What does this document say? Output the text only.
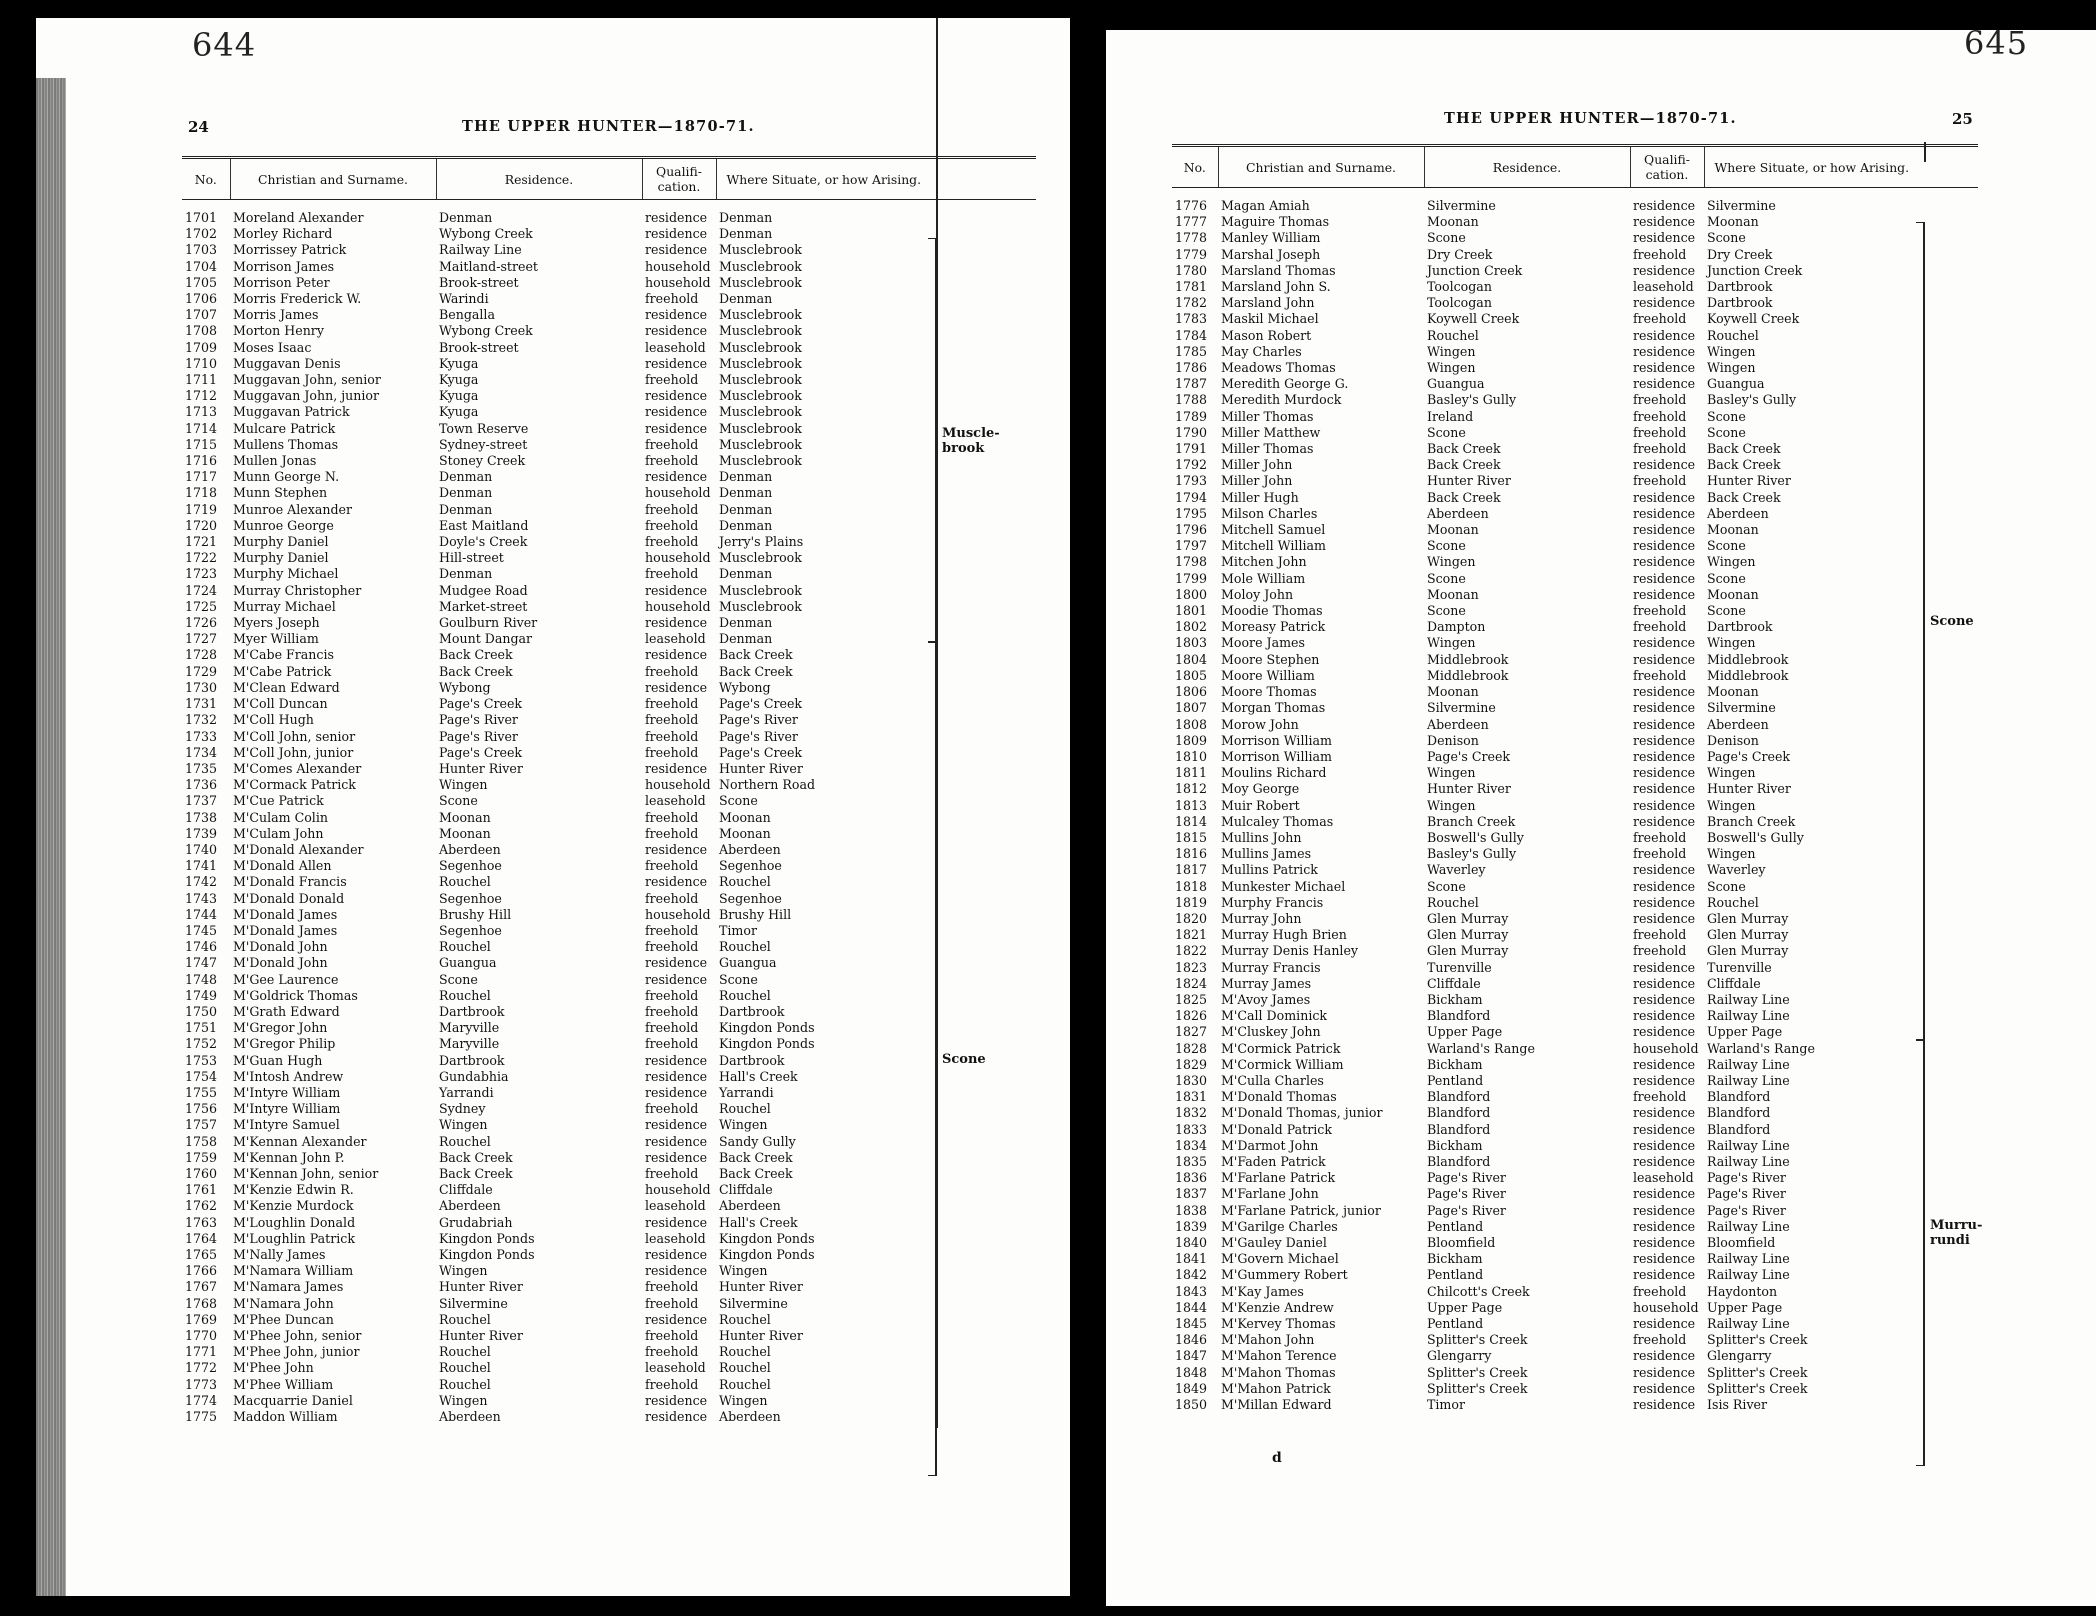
644
24	THE UPPER HUNTER—1870-71.
No.	Christian and Surname.	Residence.	Qualifi-cation.	Where Situate, or how Arising.
1701	Moreland Alexander	Denman	residence	Denman
1702	Morley Richard	Wybong Creek	residence	Denman
1703	Morrissey Patrick	Railway Line	residence	Musclebrook
1704	Morrison James	Maitland-street	household	Musclebrook
1705	Morrison Peter	Brook-street	household	Musclebrook
1706	Morris Frederick W.	Warindi	freehold	Denman
1707	Morris James	Bengalla	residence	Musclebrook
1708	Morton Henry	Wybong Creek	residence	Musclebrook
1709	Moses Isaac	Brook-street	leasehold	Musclebrook
1710	Muggavan Denis	Kyuga	residence	Musclebrook
1711	Muggavan John, senior	Kyuga	freehold	Musclebrook
1712	Muggavan John, junior	Kyuga	residence	Musclebrook
1713	Muggavan Patrick	Kyuga	residence	Musclebrook
1714	Mulcare Patrick	Town Reserve	residence	Musclebrook
1715	Mullens Thomas	Sydney-street	freehold	Musclebrook
1716	Mullen Jonas	Stoney Creek	freehold	Musclebrook
1717	Munn George N.	Denman	residence	Denman
1718	Munn Stephen	Denman	household	Denman
1719	Munroe Alexander	Denman	freehold	Denman
1720	Munroe George	East Maitland	freehold	Denman
1721	Murphy Daniel	Doyle's Creek	freehold	Jerry's Plains
1722	Murphy Daniel	Hill-street	household	Musclebrook
1723	Murphy Michael	Denman	freehold	Denman
1724	Murray Christopher	Mudgee Road	residence	Musclebrook
1725	Murray Michael	Market-street	household	Musclebrook
1726	Myers Joseph	Goulburn River	residence	Denman
1727	Myer William	Mount Dangar	leasehold	Denman
1728	M'Cabe Francis	Back Creek	residence	Back Creek
1729	M'Cabe Patrick	Back Creek	freehold	Back Creek
1730	M'Clean Edward	Wybong	residence	Wybong
1731	M'Coll Duncan	Page's Creek	freehold	Page's Creek
1732	M'Coll Hugh	Page's River	freehold	Page's River
1733	M'Coll John, senior	Page's River	freehold	Page's River
1734	M'Coll John, junior	Page's Creek	freehold	Page's Creek
1735	M'Comes Alexander	Hunter River	residence	Hunter River
1736	M'Cormack Patrick	Wingen	household	Northern Road
1737	M'Cue Patrick	Scone	leasehold	Scone
1738	M'Culam Colin	Moonan	freehold	Moonan
1739	M'Culam John	Moonan	freehold	Moonan
1740	M'Donald Alexander	Aberdeen	residence	Aberdeen
1741	M'Donald Allen	Segenhoe	freehold	Segenhoe
1742	M'Donald Francis	Rouchel	residence	Rouchel
1743	M'Donald Donald	Segenhoe	freehold	Segenhoe
1744	M'Donald James	Brushy Hill	household	Brushy Hill
1745	M'Donald James	Segenhoe	freehold	Timor
1746	M'Donald John	Rouchel	freehold	Rouchel
1747	M'Donald John	Guangua	residence	Guangua
1748	M'Gee Laurence	Scone	residence	Scone
1749	M'Goldrick Thomas	Rouchel	freehold	Rouchel
1750	M'Grath Edward	Dartbrook	freehold	Dartbrook
1751	M'Gregor John	Maryville	freehold	Kingdon Ponds
1752	M'Gregor Philip	Maryville	freehold	Kingdon Ponds
1753	M'Guan Hugh	Dartbrook	residence	Dartbrook
1754	M'Intosh Andrew	Gundabhia	residence	Hall's Creek
1755	M'Intyre William	Yarrandi	residence	Yarrandi
1756	M'Intyre William	Sydney	freehold	Rouchel
1757	M'Intyre Samuel	Wingen	residence	Wingen
1758	M'Kennan Alexander	Rouchel	residence	Sandy Gully
1759	M'Kennan John P.	Back Creek	residence	Back Creek
1760	M'Kennan John, senior	Back Creek	freehold	Back Creek
1761	M'Kenzie Edwin R.	Cliffdale	household	Cliffdale
1762	M'Kenzie Murdock	Aberdeen	leasehold	Aberdeen
1763	M'Loughlin Donald	Grudabriah	residence	Hall's Creek
1764	M'Loughlin Patrick	Kingdon Ponds	leasehold	Kingdon Ponds
1765	M'Nally James	Kingdon Ponds	residence	Kingdon Ponds
1766	M'Namara William	Wingen	residence	Wingen
1767	M'Namara James	Hunter River	freehold	Hunter River
1768	M'Namara John	Silvermine	freehold	Silvermine
1769	M'Phee Duncan	Rouchel	residence	Rouchel
1770	M'Phee John, senior	Hunter River	freehold	Hunter River
1771	M'Phee John, junior	Rouchel	freehold	Rouchel
1772	M'Phee John	Rouchel	leasehold	Rouchel
1773	M'Phee William	Rouchel	freehold	Rouchel
1774	Macquarrie Daniel	Wingen	residence	Wingen
1775	Maddon William	Aberdeen	residence	Aberdeen
Muscle-
brook
Scone
645
THE UPPER HUNTER—1870-71.	25
No.	Christian and Surname.	Residence.	Qualifi-cation.	Where Situate, or how Arising.
1776	Magan Amiah	Silvermine	residence	Silvermine
1777	Maguire Thomas	Moonan	residence	Moonan
1778	Manley William	Scone	residence	Scone
1779	Marshal Joseph	Dry Creek	freehold	Dry Creek
1780	Marsland Thomas	Junction Creek	residence	Junction Creek
1781	Marsland John S.	Toolcogan	leasehold	Dartbrook
1782	Marsland John	Toolcogan	residence	Dartbrook
1783	Maskil Michael	Koywell Creek	freehold	Koywell Creek
1784	Mason Robert	Rouchel	residence	Rouchel
1785	May Charles	Wingen	residence	Wingen
1786	Meadows Thomas	Wingen	residence	Wingen
1787	Meredith George G.	Guangua	residence	Guangua
1788	Meredith Murdock	Basley's Gully	freehold	Basley's Gully
1789	Miller Thomas	Ireland	freehold	Scone
1790	Miller Matthew	Scone	freehold	Scone
1791	Miller Thomas	Back Creek	freehold	Back Creek
1792	Miller John	Back Creek	residence	Back Creek
1793	Miller John	Hunter River	freehold	Hunter River
1794	Miller Hugh	Back Creek	residence	Back Creek
1795	Milson Charles	Aberdeen	residence	Aberdeen
1796	Mitchell Samuel	Moonan	residence	Moonan
1797	Mitchell William	Scone	residence	Scone
1798	Mitchen John	Wingen	residence	Wingen
1799	Mole William	Scone	residence	Scone
1800	Moloy John	Moonan	residence	Moonan
1801	Moodie Thomas	Scone	freehold	Scone
1802	Moreasy Patrick	Dampton	freehold	Dartbrook
1803	Moore James	Wingen	residence	Wingen
1804	Moore Stephen	Middlebrook	residence	Middlebrook
1805	Moore William	Middlebrook	freehold	Middlebrook
1806	Moore Thomas	Moonan	residence	Moonan
1807	Morgan Thomas	Silvermine	residence	Silvermine
1808	Morow John	Aberdeen	residence	Aberdeen
1809	Morrison William	Denison	residence	Denison
1810	Morrison William	Page's Creek	residence	Page's Creek
1811	Moulins Richard	Wingen	residence	Wingen
1812	Moy George	Hunter River	residence	Hunter River
1813	Muir Robert	Wingen	residence	Wingen
1814	Mulcaley Thomas	Branch Creek	residence	Branch Creek
1815	Mullins John	Boswell's Gully	freehold	Boswell's Gully
1816	Mullins James	Basley's Gully	freehold	Wingen
1817	Mullins Patrick	Waverley	residence	Waverley
1818	Munkester Michael	Scone	residence	Scone
1819	Murphy Francis	Rouchel	residence	Rouchel
1820	Murray John	Glen Murray	residence	Glen Murray
1821	Murray Hugh Brien	Glen Murray	freehold	Glen Murray
1822	Murray Denis Hanley	Glen Murray	freehold	Glen Murray
1823	Murray Francis	Turenville	residence	Turenville
1824	Murray James	Cliffdale	residence	Cliffdale
1825	M'Avoy James	Bickham	residence	Railway Line
1826	M'Call Dominick	Blandford	residence	Railway Line
1827	M'Cluskey John	Upper Page	residence	Upper Page
1828	M'Cormick Patrick	Warland's Range	household	Warland's Range
1829	M'Cormick William	Bickham	residence	Railway Line
1830	M'Culla Charles	Pentland	residence	Railway Line
1831	M'Donald Thomas	Blandford	freehold	Blandford
1832	M'Donald Thomas, junior	Blandford	residence	Blandford
1833	M'Donald Patrick	Blandford	residence	Blandford
1834	M'Darmot John	Bickham	residence	Railway Line
1835	M'Faden Patrick	Blandford	residence	Railway Line
1836	M'Farlane Patrick	Page's River	leasehold	Page's River
1837	M'Farlane John	Page's River	residence	Page's River
1838	M'Farlane Patrick, junior	Page's River	residence	Page's River
1839	M'Garilge Charles	Pentland	residence	Railway Line
1840	M'Gauley Daniel	Bloomfield	residence	Bloomfield
1841	M'Govern Michael	Bickham	residence	Railway Line
1842	M'Gummery Robert	Pentland	residence	Railway Line
1843	M'Kay James	Chilcott's Creek	freehold	Haydonton
1844	M'Kenzie Andrew	Upper Page	household	Upper Page
1845	M'Kervey Thomas	Pentland	residence	Railway Line
1846	M'Mahon John	Splitter's Creek	freehold	Splitter's Creek
1847	M'Mahon Terence	Glengarry	residence	Glengarry
1848	M'Mahon Thomas	Splitter's Creek	residence	Splitter's Creek
1849	M'Mahon Patrick	Splitter's Creek	residence	Splitter's Creek
1850	M'Millan Edward	Timor	residence	Isis River
Scone
Murru-
rundi
d
